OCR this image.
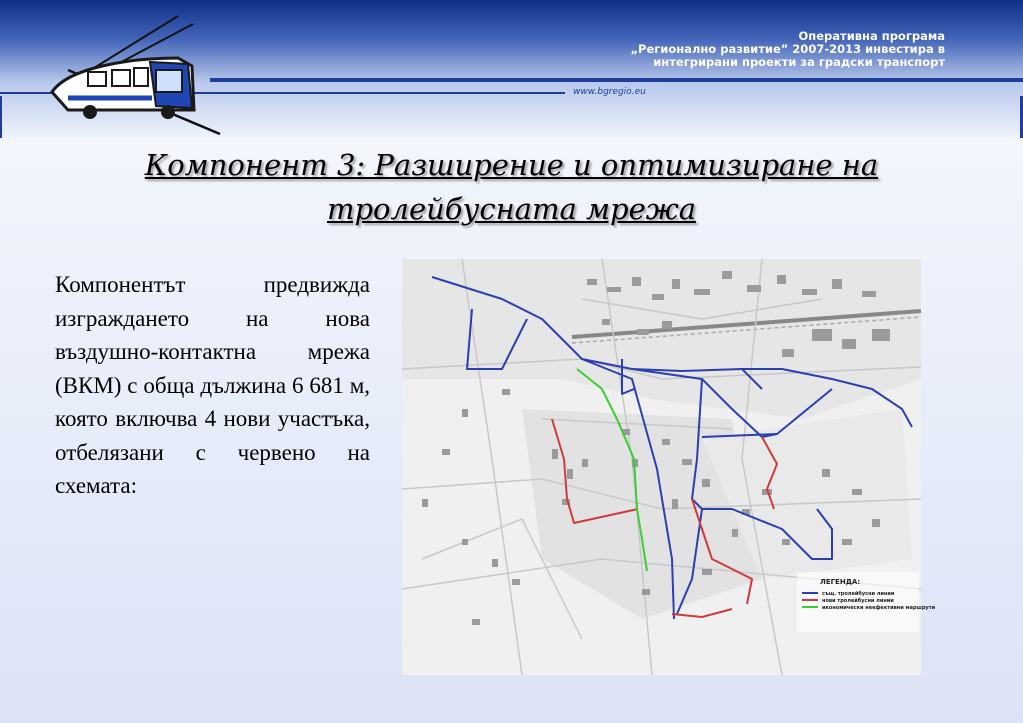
Оперативна програма
„Регионално развитие” 2007-2013 инвестира в
интегрирани проекти за градски транспорт
www.bgregio.eu
Компонент 3: Разширение и оптимизиране на
тролейбусната мрежа
Компонентът предвижда изграждането на нова въздушно-контактна мрежа (ВКМ) с обща дължина 6 681 м, която включва 4 нови участъка, отбелязани с червено на схемата:
ЛЕГЕНДА:
същ. тролейбусни линии
нови тролейбусни линии
икономически неефективни маршрути
